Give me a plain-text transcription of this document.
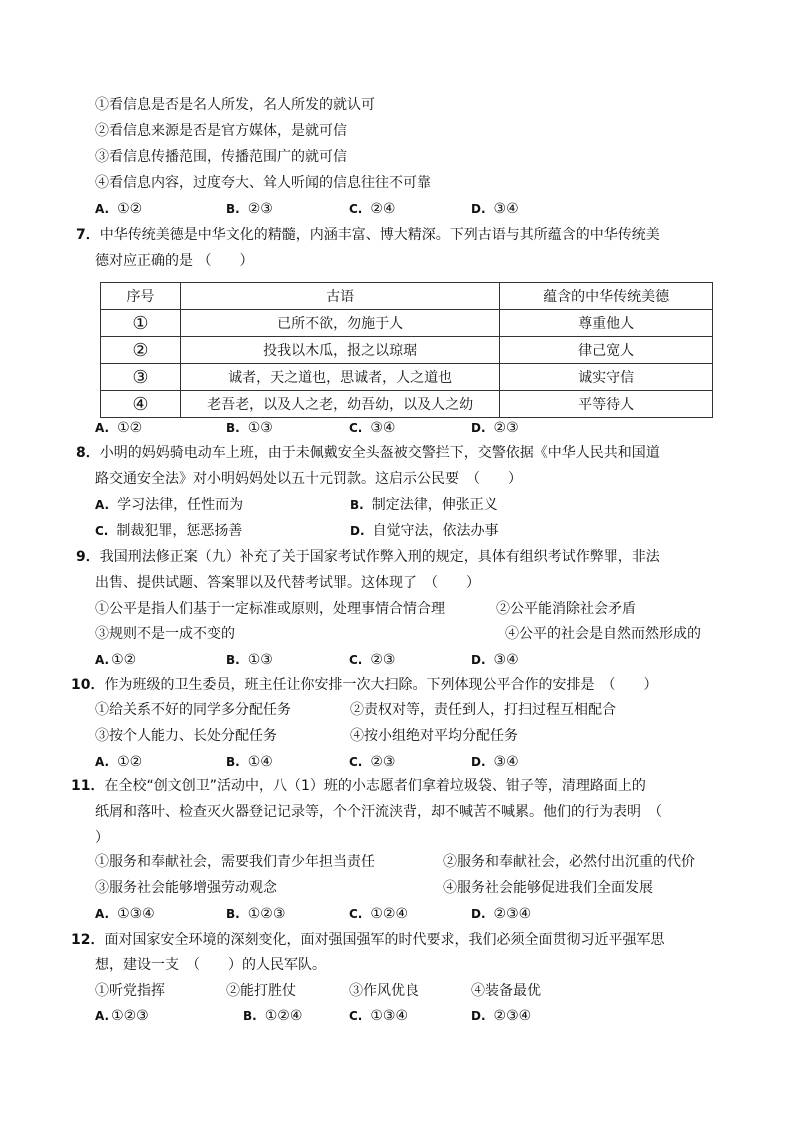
①看信息是否是名人所发，名人所发的就认可
②看信息来源是否是官方媒体，是就可信
③看信息传播范围，传播范围广的就可信
④看信息内容，过度夸大、耸人听闻的信息往往不可靠
A. ①②	B. ②③	C. ②④	D. ③④
7．中华传统美德是中华文化的精髓，内涵丰富、博大精深。下列古语与其所蕴含的中华传统美
德对应正确的是 （　　）
序号	古语	蕴含的中华传统美德
①	已所不欲，勿施于人	尊重他人
②	投我以木瓜，报之以琼琚	律己宽人
③	诚者，天之道也，思诚者，人之道也	诚实守信
④	老吾老，以及人之老，幼吾幼，以及人之幼	平等待人
A. ①②	B. ①③	C. ③④	D. ②③
8．小明的妈妈骑电动车上班，由于未佩戴安全头盔被交警拦下，交警依据《中华人民共和国道
路交通安全法》对小明妈妈处以五十元罚款。这启示公民要　（　　）
A. 学习法律，任性而为	B. 制定法律，伸张正义
C. 制裁犯罪，惩恶扬善	D. 自觉守法，依法办事
9．我国刑法修正案（九）补充了关于国家考试作弊入刑的规定，具体有组织考试作弊罪，非法
出售、提供试题、答案罪以及代替考试罪。这体现了　（　　）
①公平是指人们基于一定标准或原则，处理事情合情合理	②公平能消除社会矛盾
③规则不是一成不变的	④公平的社会是自然而然形成的
A. ①②	B. ①③	C. ②③	D. ③④
10．作为班级的卫生委员，班主任让你安排一次大扫除。下列体现公平合作的安排是　（　　）
①给关系不好的同学多分配任务	②责权对等，责任到人，打扫过程互相配合
③按个人能力、长处分配任务	④按小组绝对平均分配任务
A. ①②	B. ①④	C. ②③	D. ③④
11．在全校“创文创卫”活动中，八（1）班的小志愿者们拿着垃圾袋、钳子等，清理路面上的
纸屑和落叶、检查灭火器登记记录等，个个汗流浃背，却不喊苦不喊累。他们的行为表明　（
）
①服务和奉献社会，需要我们青少年担当责任	②服务和奉献社会，必然付出沉重的代价
③服务社会能够增强劳动观念	④服务社会能够促进我们全面发展
A. ①③④	B. ①②③	C. ①②④	D. ②③④
12．面对国家安全环境的深刻变化，面对强国强军的时代要求，我们必须全面贯彻习近平强军思
想，建设一支　（　　）的人民军队。
①听党指挥	②能打胜仗	③作风优良	④装备最优
A. ①②③	B. ①②④	C. ①③④	D. ②③④
